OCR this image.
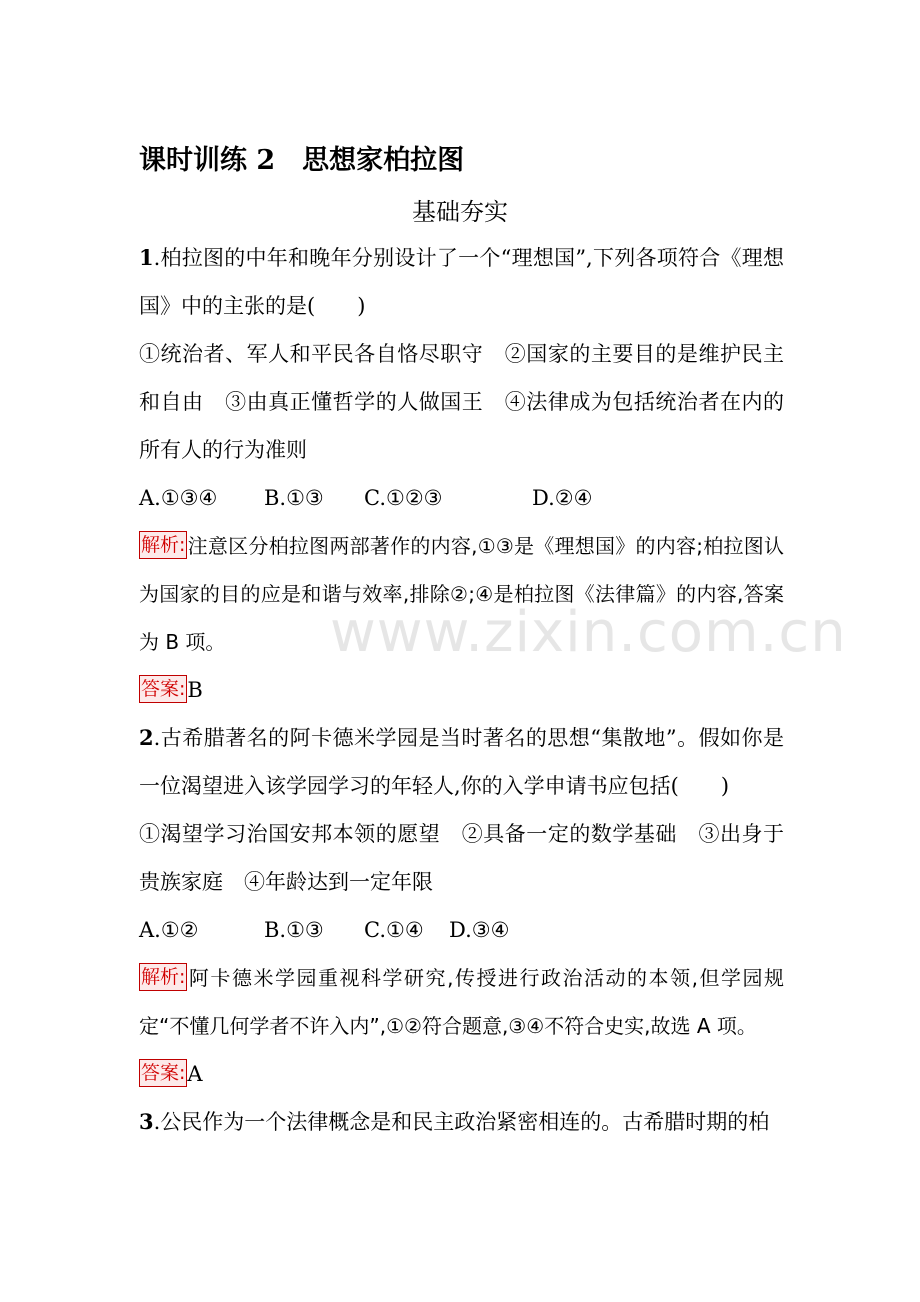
www.zixin.com.cn
课时训练 2　思想家柏拉图
基础夯实

1.柏拉图的中年和晚年分别设计了一个“理想国”,下列各项符合《理想国》中的主张的是(　　)

①统治者、军人和平民各自恪尽职守　②国家的主要目的是维护民主和自由　③由真正懂哲学的人做国王　④法律成为包括统治者在内的所有人的行为准则

A.①③④ B.①③ C.①②③	D.②④

解析: 注意区分柏拉图两部著作的内容,①③是《理想国》的内容;柏拉图认为国家的目的应是和谐与效率,排除②;④是柏拉图《法律篇》的内容,答案为 B 项。

答案:B

2.古希腊著名的阿卡德米学园是当时著名的思想“集散地”。假如你是一位渴望进入该学园学习的年轻人,你的入学申请书应包括(　　)

①渴望学习治国安邦本领的愿望　②具备一定的数学基础　③出身于贵族家庭　④年龄达到一定年限

A.①②	B.①③ C.①④ D.③④

解析: 阿卡德米学园重视科学研究,传授进行政治活动的本领,但学园规定“不懂几何学者不许入内”,①②符合题意,③④不符合史实,故选 A 项。

答案:A

3.公民作为一个法律概念是和民主政治紧密相连的。古希腊时期的柏
